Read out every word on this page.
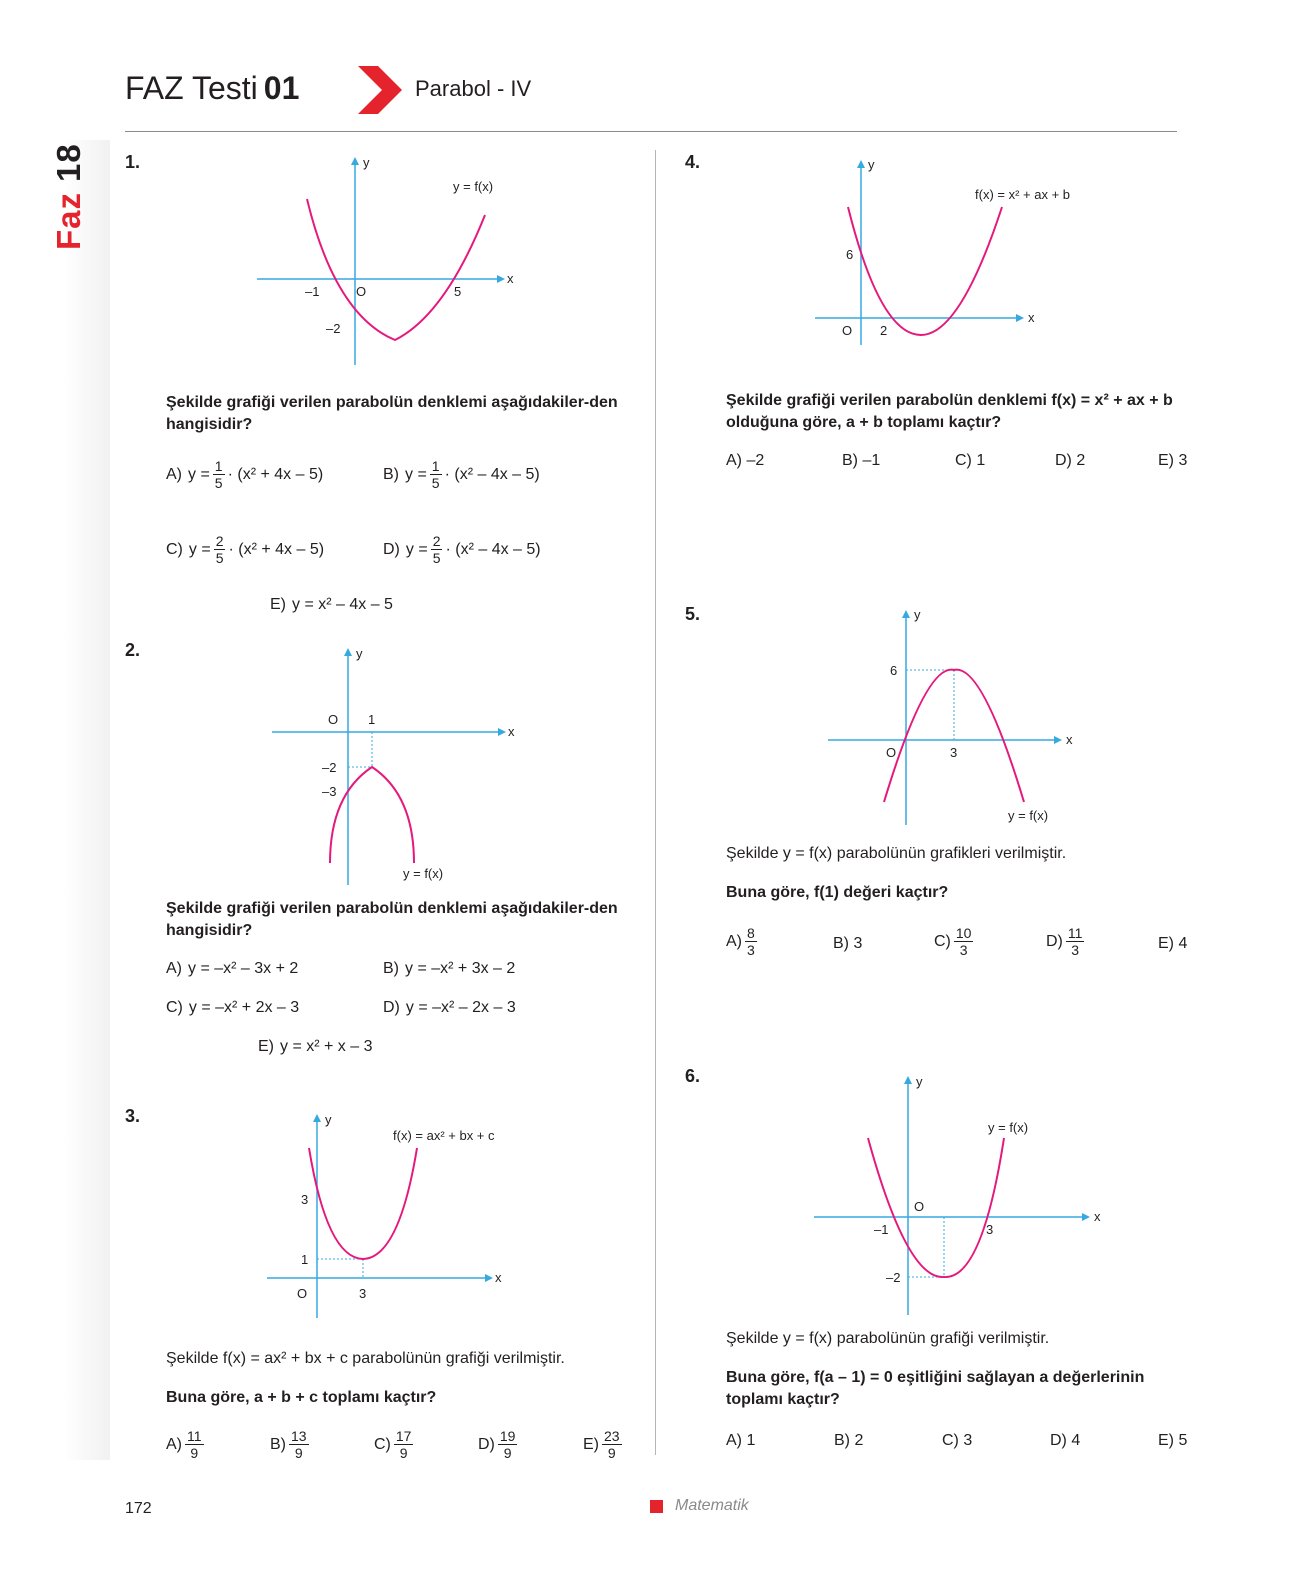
Faz18
FAZ Testi 01	Parabol - IV
1.	y
x
y = f(x)
–1	O	5
–2
Şekilde grafiği verilen parabolün denklemi aşağıdakiler-den hangisidir?
A) $y = \frac{1}{5} \cdot (x^2 + 4x - 5)$	B) $y = \frac{1}{5} \cdot (x^2 - 4x - 5)$
C) $y = \frac{2}{5} \cdot (x^2 + 4x - 5)$	D) $y = \frac{2}{5} \cdot (x^2 - 4x - 5)$
E) y = x² – 4x – 5
2.	y
x
O 1
–2
–3
y = f(x)
Şekilde grafiği verilen parabolün denklemi aşağıdakiler-den hangisidir?
A) y = –x² – 3x + 2	B) y = –x² + 3x – 2
C) y = –x² + 2x – 3	D) y = –x² – 2x – 3
E) y = x² + x – 3
3.	y
x
f(x) = ax² + bx + c
3
1
O	3
Şekilde f(x) = ax² + bx + c parabolünün grafiği verilmiştir.
Buna göre, a + b + c toplamı kaçtır?
$A) \frac{11}{9}$	$B) \frac{13}{9}$	$C) \frac{17}{9}$	$D) \frac{19}{9}$	$E) \frac{23}{9}$
4.	y
x
f(x) = x² + ax + b
6
O 2
Şekilde grafiği verilen parabolün denklemi f(x) = x² + ax + b olduğuna göre, a + b toplamı kaçtır?
A) –2	B) –1	C) 1	D) 2	E) 3
5.	y
x
6
O	3
y = f(x)
Şekilde y = f(x) parabolünün grafikleri verilmiştir.
Buna göre, f(1) değeri kaçtır?
$A) \frac{8}{3}$	B) 3	$C) \frac{10}{3}$	$D) \frac{11}{3}$	E) 4
6.	y
x
y = f(x)
O
–1	3
–2
Şekilde y = f(x) parabolünün grafiği verilmiştir.
Buna göre, f(a – 1) = 0 eşitliğini sağlayan a değerlerinin toplamı kaçtır?
A) 1	B) 2	C) 3	D) 4	E) 5
172	Matematik
